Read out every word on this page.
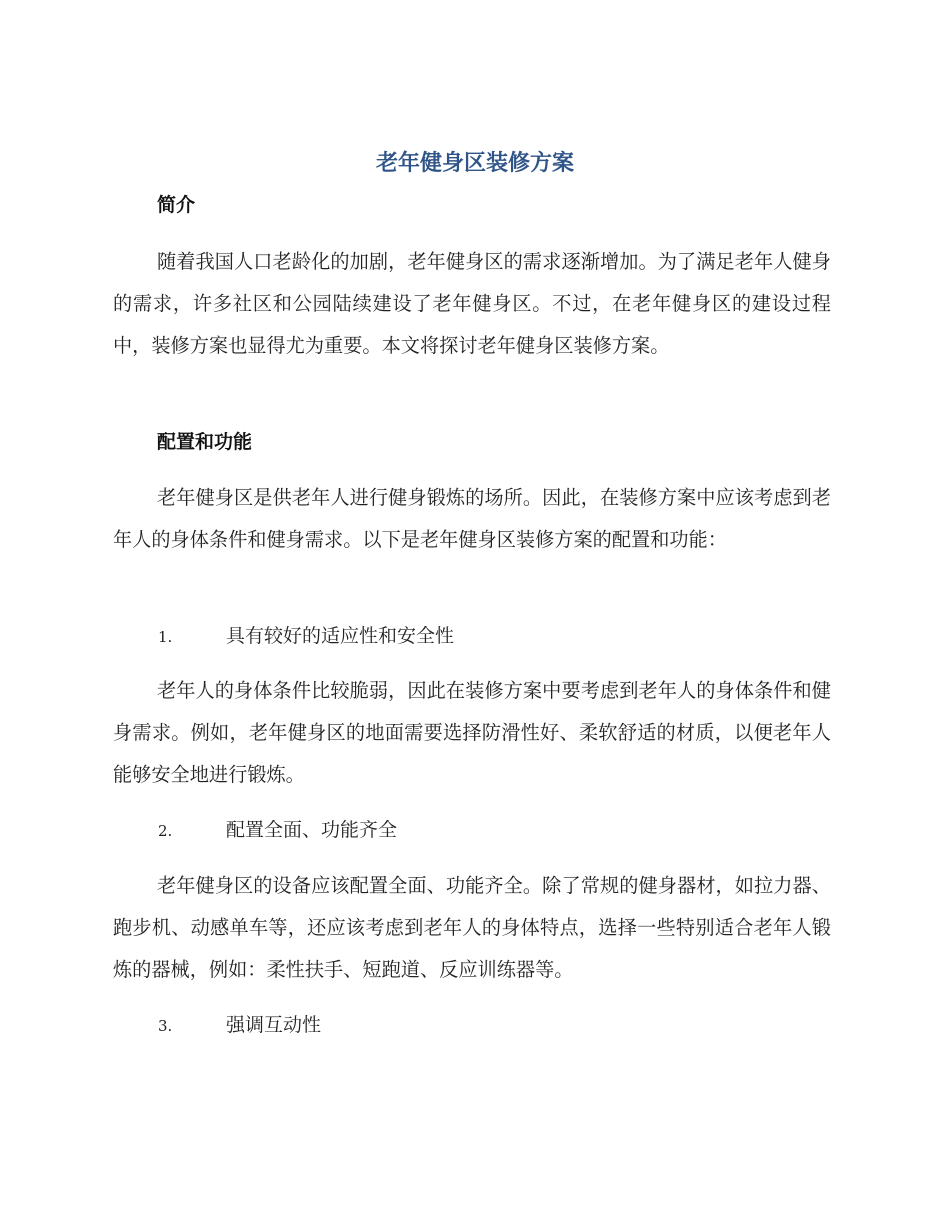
老年健身区装修方案
简介

随着我国人口老龄化的加剧，老年健身区的需求逐渐增加。为了满足老年人健身的需求，许多社区和公园陆续建设了老年健身区。不过，在老年健身区的建设过程中，装修方案也显得尤为重要。本文将探讨老年健身区装修方案。

配置和功能

老年健身区是供老年人进行健身锻炼的场所。因此，在装修方案中应该考虑到老年人的身体条件和健身需求。以下是老年健身区装修方案的配置和功能：

1.	具有较好的适应性和安全性

老年人的身体条件比较脆弱，因此在装修方案中要考虑到老年人的身体条件和健身需求。例如，老年健身区的地面需要选择防滑性好、柔软舒适的材质，以便老年人能够安全地进行锻炼。

2.	配置全面、功能齐全

老年健身区的设备应该配置全面、功能齐全。除了常规的健身器材，如拉力器、跑步机、动感单车等，还应该考虑到老年人的身体特点，选择一些特别适合老年人锻炼的器械，例如：柔性扶手、短跑道、反应训练器等。

3.	强调互动性
